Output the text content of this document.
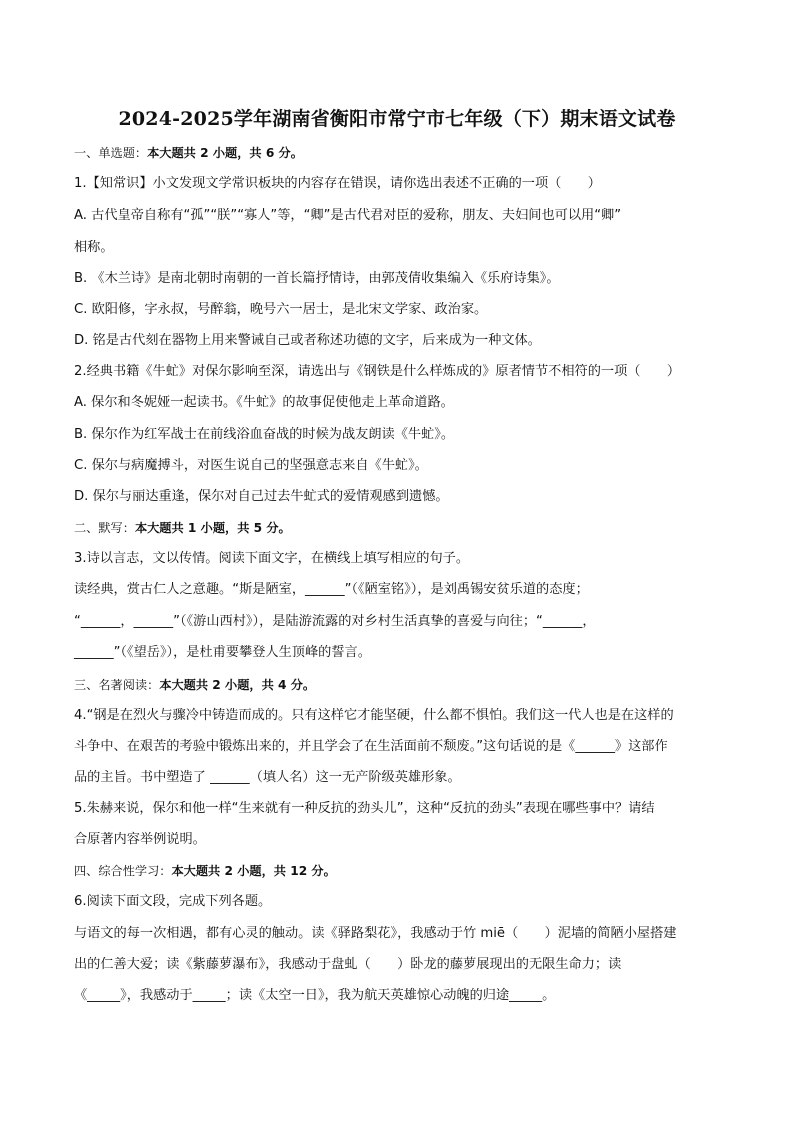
2024-2025学年湖南省衡阳市常宁市七年级（下）期末语文试卷
一、单选题：本大题共 2 小题，共 6 分。
1.【知常识】小文发现文学常识板块的内容存在错误，请你选出表述不正确的一项（　　）
A. 古代皇帝自称有“孤”“朕”“寡人”等，“卿”是古代君对臣的爱称，朋友、夫妇间也可以用“卿”
相称。
B. 《木兰诗》是南北朝时南朝的一首长篇抒情诗，由郭茂倩收集编入《乐府诗集》。
C. 欧阳修，字永叔，号醉翁，晚号六一居士，是北宋文学家、政治家。
D. 铭是古代刻在器物上用来警诫自己或者称述功德的文字，后来成为一种文体。
2.经典书籍《牛虻》对保尔影响至深，请选出与《钢铁是什么样炼成的》原者情节不相符的一项（　　）
A. 保尔和冬妮娅一起读书。《牛虻》的故事促使他走上革命道路。
B. 保尔作为红军战士在前线浴血奋战的时候为战友朗读《牛虻》。
C. 保尔与病魔搏斗，对医生说自己的坚强意志来自《牛虻》。
D. 保尔与丽达重逢，保尔对自己过去牛虻式的爱情观感到遗憾。
二、默写：本大题共 1 小题，共 5 分。
3.诗以言志，文以传情。阅读下面文字，在横线上填写相应的句子。
读经典，赏古仁人之意趣。“斯是陋室，______”（《陋室铭》），是刘禹锡安贫乐道的态度；
“______，______”（《游山西村》），是陆游流露的对乡村生活真挚的喜爱与向往；“______，
______”（《望岳》），是杜甫要攀登人生顶峰的誓言。
三、名著阅读：本大题共 2 小题，共 4 分。
4.“钢是在烈火与骤冷中铸造而成的。只有这样它才能坚硬，什么都不惧怕。我们这一代人也是在这样的
斗争中、在艰苦的考验中锻炼出来的，并且学会了在生活面前不颓废。”这句话说的是《______》这部作
品的主旨。书中塑造了 ______（填人名）这一无产阶级英雄形象。
5.朱赫来说，保尔和他一样“生来就有一种反抗的劲头儿”，这种“反抗的劲头”表现在哪些事中？请结
合原著内容举例说明。
四、综合性学习：本大题共 2 小题，共 12 分。
6.阅读下面文段，完成下列各题。
与语文的每一次相遇，都有心灵的触动。读《驿路梨花》，我感动于竹 miē（　　）泥墙的简陋小屋搭建
出的仁善大爱；读《紫藤萝瀑布》，我感动于盘虬（　　）卧龙的藤萝展现出的无限生命力；读
《_____》，我感动于_____；读《太空一日》，我为航天英雄惊心动魄的归途_____。
